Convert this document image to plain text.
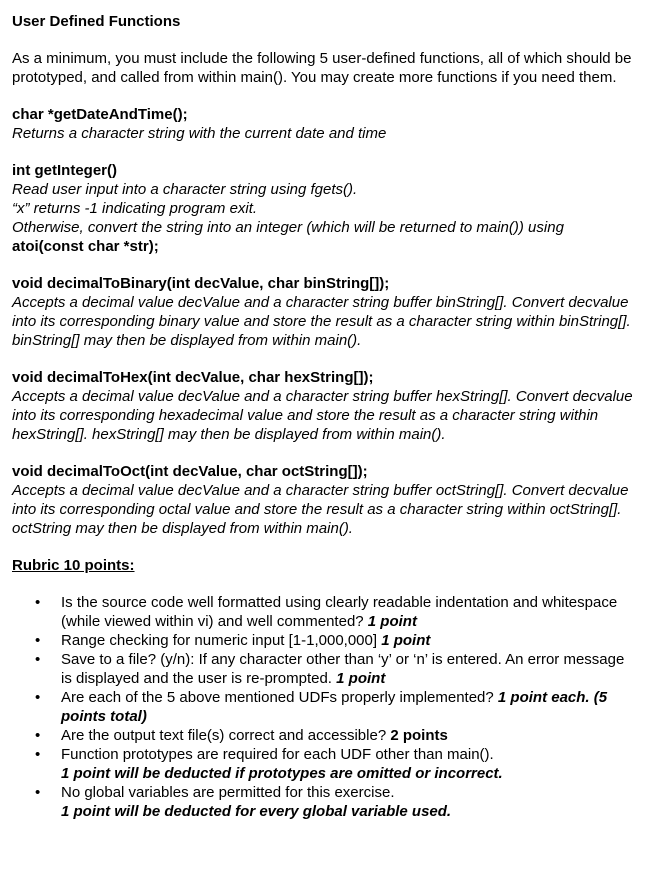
User Defined Functions

As a minimum, you must include the following 5 user-defined functions, all of which should be prototyped, and called from within main(). You may create more functions if you need them.

char *getDateAndTime();
Returns a character string with the current date and time
int getInteger()
Read user input into a character string using fgets().
“x” returns -1 indicating program exit.
Otherwise, convert the string into an integer (which will be returned to main()) using
atoi(const char *str);
void decimalToBinary(int decValue, char binString[]);
Accepts a decimal value decValue and a character string buffer binString[]. Convert decvalue into its corresponding binary value and store the result as a character string within binString[]. binString[] may then be displayed from within main().
void decimalToHex(int decValue, char hexString[]);
Accepts a decimal value decValue and a character string buffer hexString[]. Convert decvalue into its corresponding hexadecimal value and store the result as a character string within hexString[]. hexString[] may then be displayed from within main().
void decimalToOct(int decValue, char octString[]);
Accepts a decimal value decValue and a character string buffer octString[]. Convert decvalue into its corresponding octal value and store the result as a character string within octString[]. octString may then be displayed from within main().
Rubric 10 points:
• Is the source code well formatted using clearly readable indentation and whitespace (while viewed within vi) and well commented? 1 point
• Range checking for numeric input [1-1,000,000] 1 point
• Save to a file? (y/n): If any character other than ‘y’ or ‘n’ is entered. An error message is displayed and the user is re-prompted. 1 point
• Are each of the 5 above mentioned UDFs properly implemented? 1 point each. (5 points total)
• Are the output text file(s) correct and accessible? 2 points
• Function prototypes are required for each UDF other than main().
1 point will be deducted if prototypes are omitted or incorrect.
• No global variables are permitted for this exercise.
1 point will be deducted for every global variable used.
